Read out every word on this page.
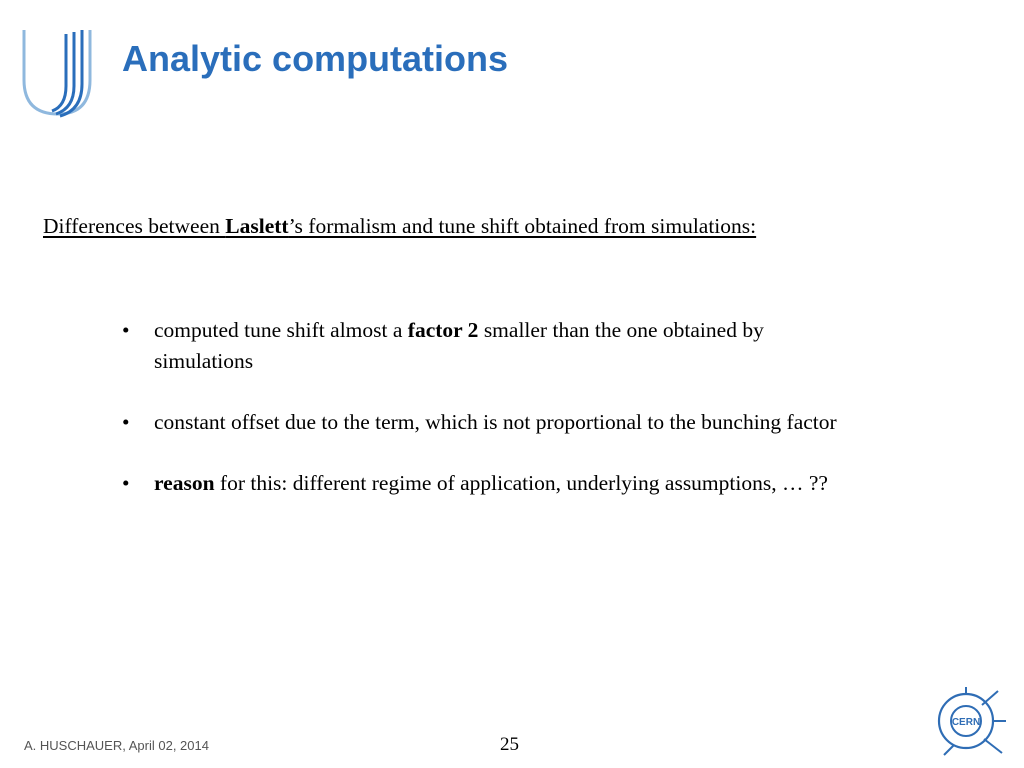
Analytic computations

Differences between Laslett’s formalism and tune shift obtained from simulations:

• computed tune shift almost a factor 2 smaller than the one obtained by simulations
• constant offset due to the term, which is not proportional to the bunching factor
• reason for this: different regime of application, underlying assumptions, … ??
A. HUSCHAUER, April 02, 2014	25
CERN
